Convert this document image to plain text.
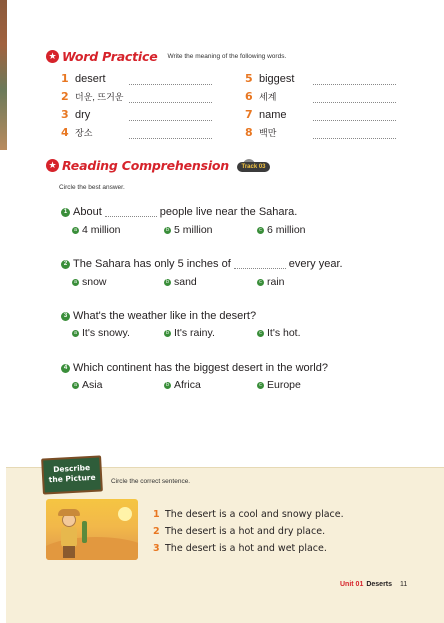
★ Word Practice Write the meaning of the following words.
1 desert
2 더운, 뜨거운
3 dry
4 장소
5 biggest
6 세계
7 name
8 백만
★ Reading Comprehension	Track 03
Circle the best answer.
1 About	people live near the Sahara.
a 4 million	b 5 million	c 6 million
2 The Sahara has only 5 inches of	every year.
a snow	b sand	c rain
3 What's the weather like in the desert?
a It's snowy.	b It's rainy.	c It's hot.
4 Which continent has the biggest desert in the world?
a Asia	b Africa	c Europe
Describe
the Picture	Circle the correct sentence.
1 The desert is a cool and snowy place.
2 The desert is a hot and dry place.
3 The desert is a hot and wet place.
Unit 01 Deserts 11
